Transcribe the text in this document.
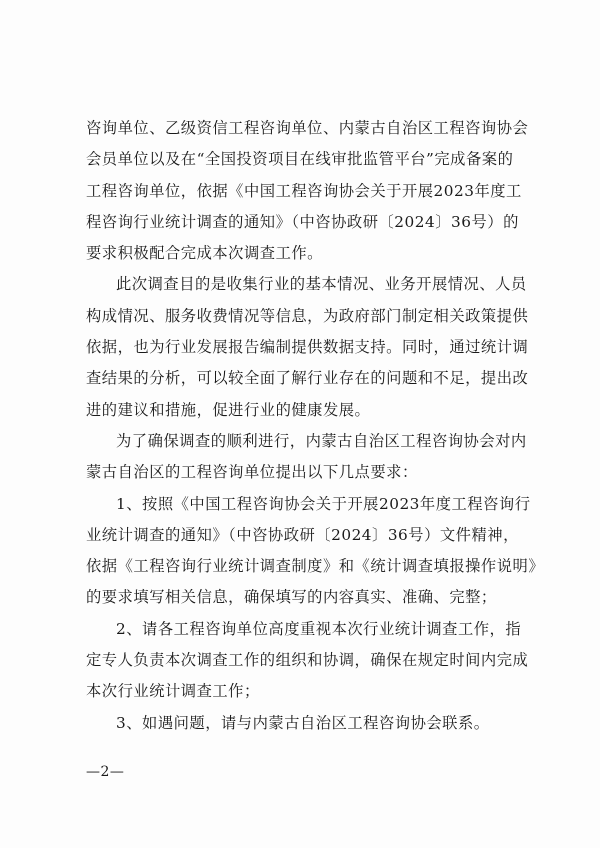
咨询单位、乙级资信工程咨询单位、内蒙古自治区工程咨询协会
会员单位以及在“全国投资项目在线审批监管平台”完成备案的
工程咨询单位，依据《中国工程咨询协会关于开展2023年度工
程咨询行业统计调查的通知》（中咨协政研〔2024〕36号）的
要求积极配合完成本次调查工作。
此次调查目的是收集行业的基本情况、业务开展情况、人员
构成情况、服务收费情况等信息，为政府部门制定相关政策提供
依据，也为行业发展报告编制提供数据支持。同时，通过统计调
查结果的分析，可以较全面了解行业存在的问题和不足，提出改
进的建议和措施，促进行业的健康发展。
为了确保调查的顺利进行，内蒙古自治区工程咨询协会对内
蒙古自治区的工程咨询单位提出以下几点要求：
1、按照《中国工程咨询协会关于开展2023年度工程咨询行
业统计调查的通知》（中咨协政研〔2024〕36号）文件精神，
依据《工程咨询行业统计调查制度》和《统计调查填报操作说明》
的要求填写相关信息，确保填写的内容真实、准确、完整；
2、请各工程咨询单位高度重视本次行业统计调查工作，指
定专人负责本次调查工作的组织和协调，确保在规定时间内完成
本次行业统计调查工作；
3、如遇问题，请与内蒙古自治区工程咨询协会联系。
—2—
